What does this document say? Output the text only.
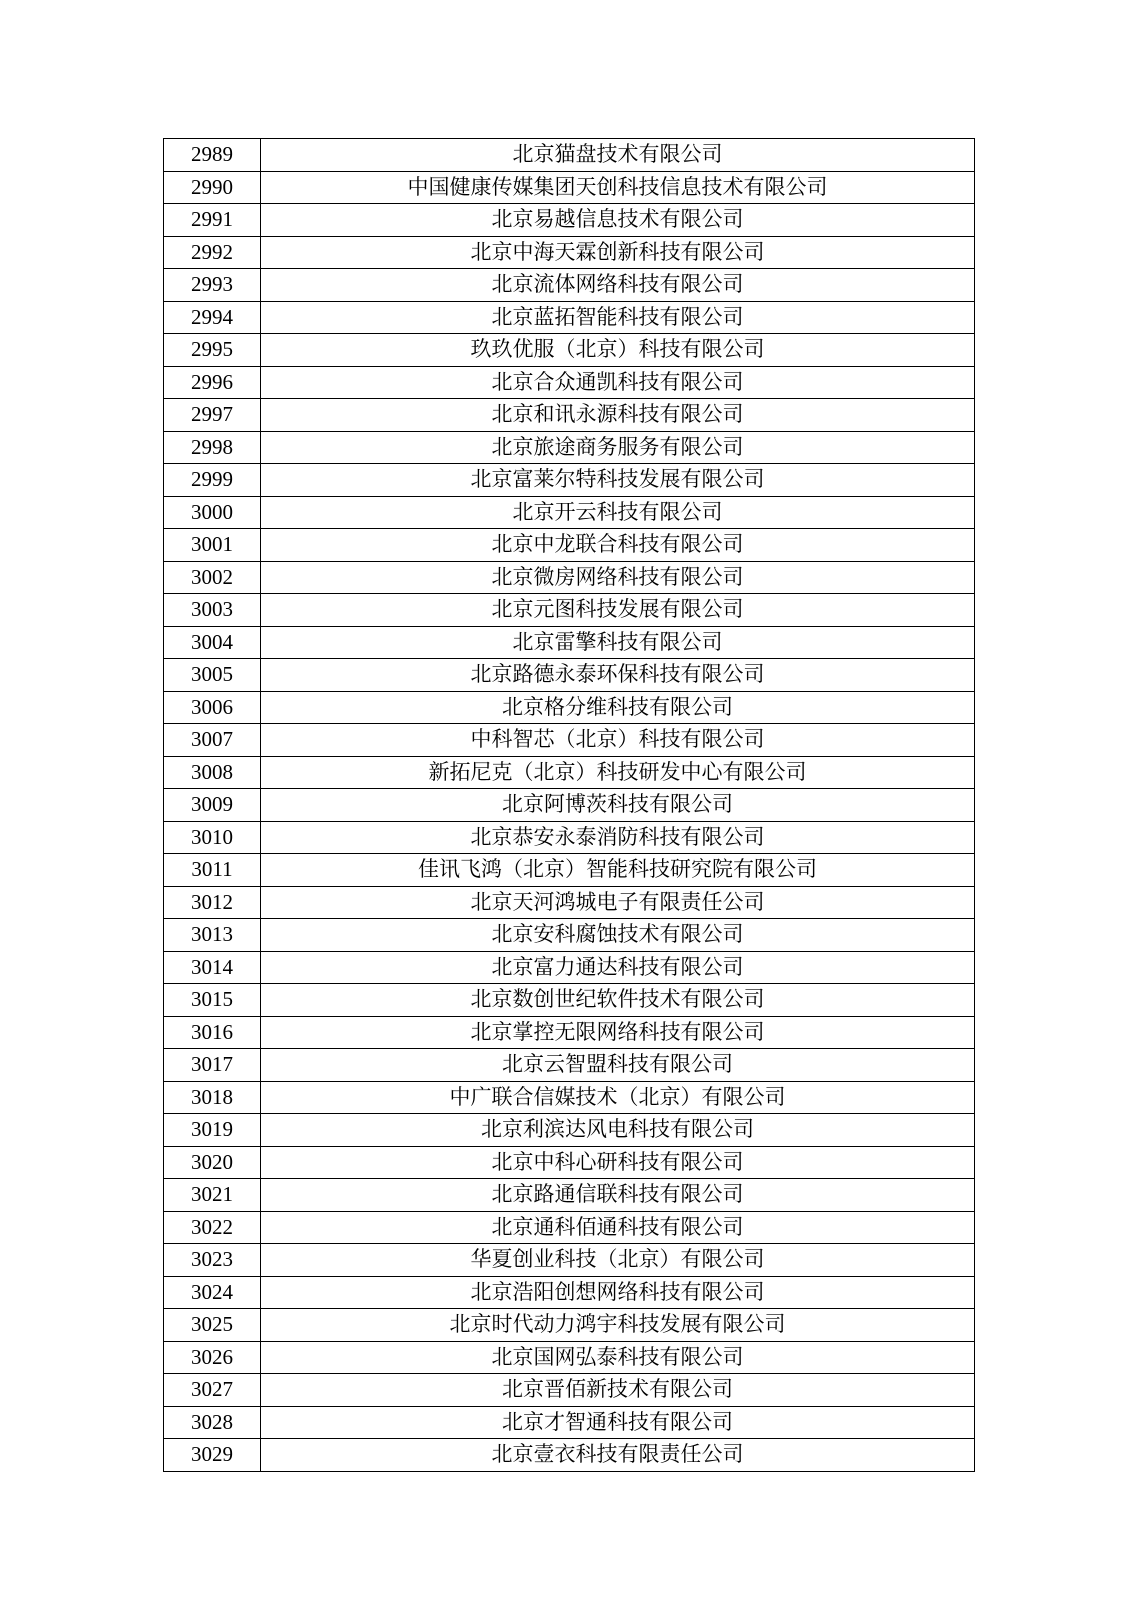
2989	北京猫盘技术有限公司
2990	中国健康传媒集团天创科技信息技术有限公司
2991	北京易越信息技术有限公司
2992	北京中海天霖创新科技有限公司
2993	北京流体网络科技有限公司
2994	北京蓝拓智能科技有限公司
2995	玖玖优服（北京）科技有限公司
2996	北京合众通凯科技有限公司
2997	北京和讯永源科技有限公司
2998	北京旅途商务服务有限公司
2999	北京富莱尔特科技发展有限公司
3000	北京开云科技有限公司
3001	北京中龙联合科技有限公司
3002	北京微房网络科技有限公司
3003	北京元图科技发展有限公司
3004	北京雷擎科技有限公司
3005	北京路德永泰环保科技有限公司
3006	北京格分维科技有限公司
3007	中科智芯（北京）科技有限公司
3008	新拓尼克（北京）科技研发中心有限公司
3009	北京阿博茨科技有限公司
3010	北京恭安永泰消防科技有限公司
3011	佳讯飞鸿（北京）智能科技研究院有限公司
3012	北京天河鸿城电子有限责任公司
3013	北京安科腐蚀技术有限公司
3014	北京富力通达科技有限公司
3015	北京数创世纪软件技术有限公司
3016	北京掌控无限网络科技有限公司
3017	北京云智盟科技有限公司
3018	中广联合信媒技术（北京）有限公司
3019	北京利滨达风电科技有限公司
3020	北京中科心研科技有限公司
3021	北京路通信联科技有限公司
3022	北京通科佰通科技有限公司
3023	华夏创业科技（北京）有限公司
3024	北京浩阳创想网络科技有限公司
3025	北京时代动力鸿宇科技发展有限公司
3026	北京国网弘泰科技有限公司
3027	北京晋佰新技术有限公司
3028	北京才智通科技有限公司
3029	北京壹衣科技有限责任公司
